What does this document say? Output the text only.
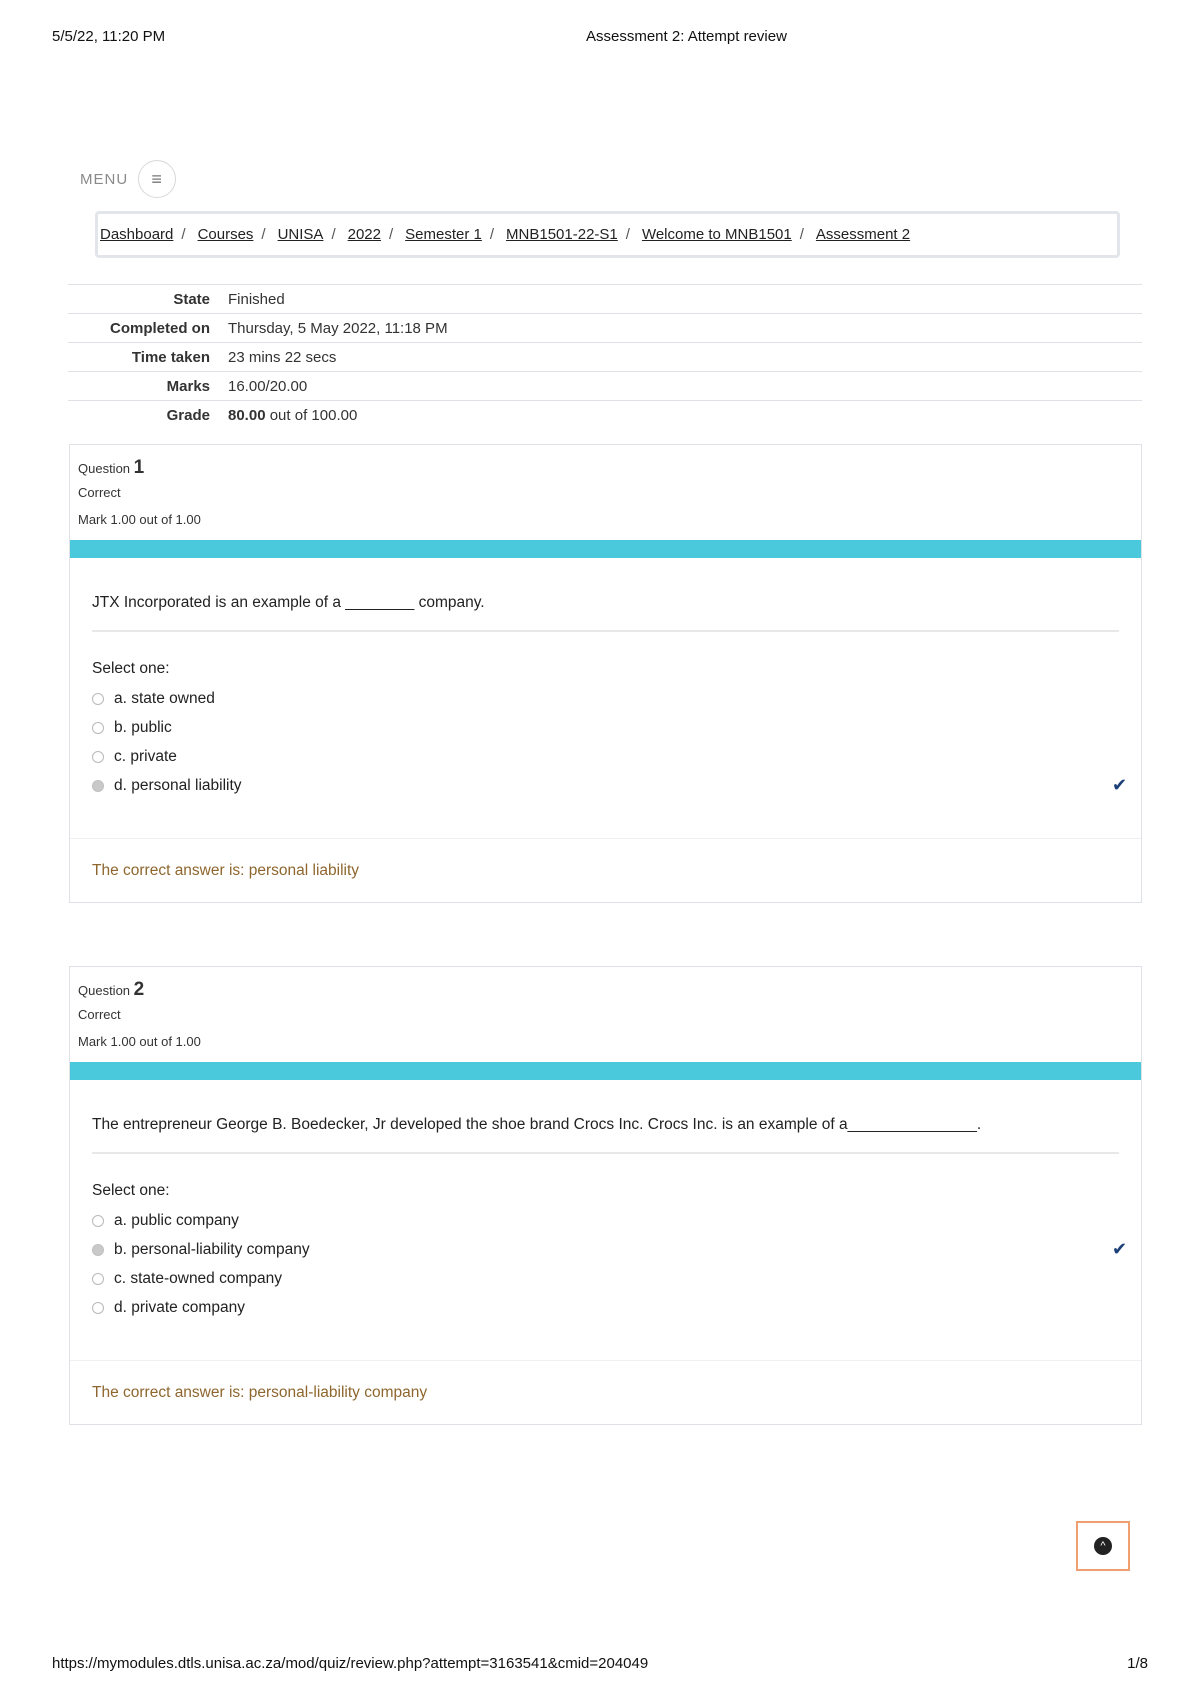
5/5/22, 11:20 PM	Assessment 2: Attempt review
MENU	≡
Dashboard / Courses / UNISA / 2022 / Semester 1 / MNB1501-22-S1 / Welcome to MNB1501 / Assessment 2
State	Finished
Completed on	Thursday, 5 May 2022, 11:18 PM
Time taken	23 mins 22 secs
Marks	16.00/20.00
Grade	80.00 out of 100.00
Question 1
Correct
Mark 1.00 out of 1.00
JTX Incorporated is an example of a ________ company.
Select one:
a. state owned
b. public
c. private
d. personal liability	✔
The correct answer is: personal liability
Question 2
Correct
Mark 1.00 out of 1.00
The entrepreneur George B. Boedecker, Jr developed the shoe brand Crocs Inc. Crocs Inc. is an example of a_______________.
Select one:
a. public company
b. personal-liability company	✔
c. state-owned company
d. private company
The correct answer is: personal-liability company
^
https://mymodules.dtls.unisa.ac.za/mod/quiz/review.php?attempt=3163541&cmid=204049	1/8
